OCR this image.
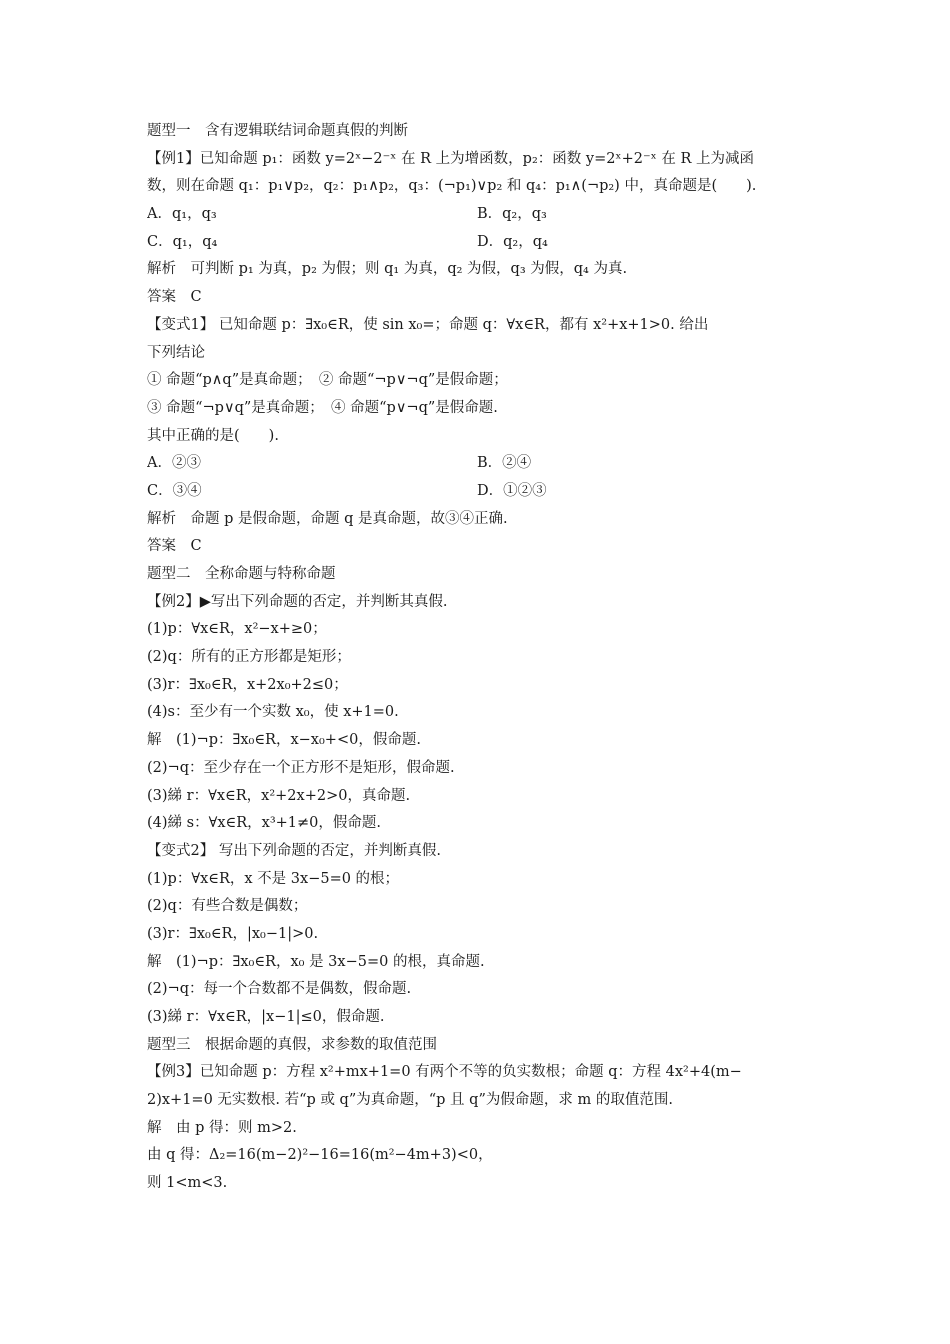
题型一　含有逻辑联结词命题真假的判断
【例1】已知命题 p₁：函数 y=2ˣ−2⁻ˣ 在 R 上为增函数，p₂：函数 y=2ˣ+2⁻ˣ 在 R 上为减函
数，则在命题 q₁：p₁∨p₂，q₂：p₁∧p₂，q₃：(¬p₁)∨p₂ 和 q₄：p₁∧(¬p₂) 中，真命题是(　　).
A．q₁，q₃	B．q₂，q₃
C．q₁，q₄	D．q₂，q₄
解析　可判断 p₁ 为真，p₂ 为假；则 q₁ 为真，q₂ 为假，q₃ 为假，q₄ 为真.
答案　C
【变式1】 已知命题 p：∃x₀∈R，使 sin x₀=；命题 q：∀x∈R，都有 x²+x+1>0. 给出
下列结论
① 命题“p∧q”是真命题；　② 命题“¬p∨¬q”是假命题；
③ 命题“¬p∨q”是真命题；　④ 命题“p∨¬q”是假命题.
其中正确的是(　　).
A．②③	B．②④
C．③④	D．①②③
解析　命题 p 是假命题，命题 q 是真命题，故③④正确.
答案　C
题型二　全称命题与特称命题
【例2】▶写出下列命题的否定，并判断其真假.
(1)p：∀x∈R，x²−x+≥0；
(2)q：所有的正方形都是矩形；
(3)r：∃x₀∈R，x+2x₀+2≤0；
(4)s：至少有一个实数 x₀，使 x+1=0.
解　(1)¬p：∃x₀∈R，x−x₀+<0，假命题.
(2)¬q：至少存在一个正方形不是矩形，假命题.
(3)綈 r：∀x∈R，x²+2x+2>0，真命题.
(4)綈 s：∀x∈R，x³+1≠0，假命题.
【变式2】 写出下列命题的否定，并判断真假.
(1)p：∀x∈R，x 不是 3x−5=0 的根；
(2)q：有些合数是偶数；
(3)r：∃x₀∈R，|x₀−1|>0.
解　(1)¬p：∃x₀∈R，x₀ 是 3x−5=0 的根，真命题.
(2)¬q：每一个合数都不是偶数，假命题.
(3)綈 r：∀x∈R，|x−1|≤0，假命题.
题型三　根据命题的真假，求参数的取值范围
【例3】已知命题 p：方程 x²+mx+1=0 有两个不等的负实数根；命题 q：方程 4x²+4(m−
2)x+1=0 无实数根. 若“p 或 q”为真命题，“p 且 q”为假命题，求 m 的取值范围.
解　由 p 得：则 m>2.
由 q 得：Δ₂=16(m−2)²−16=16(m²−4m+3)<0，
则 1<m<3.
